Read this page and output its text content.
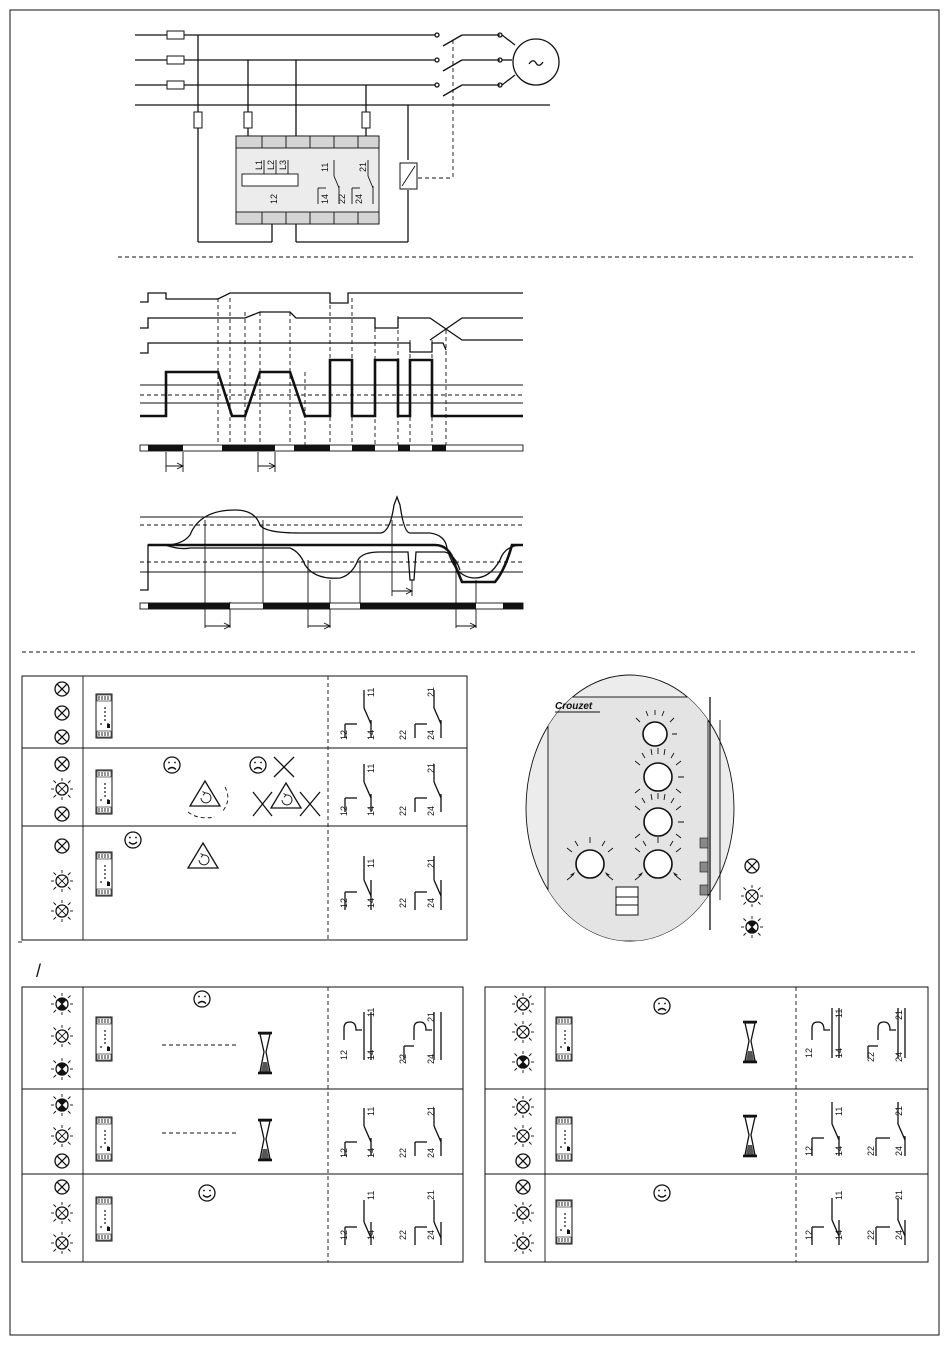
L1 L2 L3	11	21
12	14 22 24
11	21
12 14 22 24
11	21
12 14 22 24
11	21
12 14 22 24
Crouzet
/
11	21
12 14 22 24
11	21
12 14 22 24
11	21
12 14 22 24
11	21
12 14 22 24
11	21
12 14 22 24
11	21
12 14 22 24
